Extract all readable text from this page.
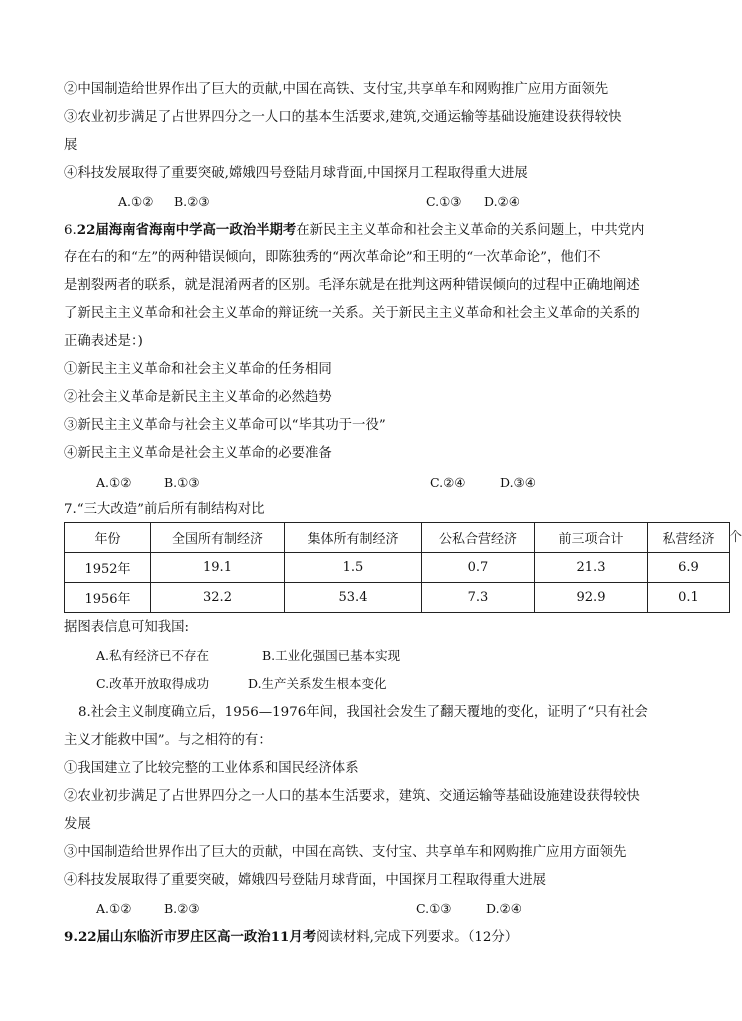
②中国制造给世界作出了巨大的贡献,中国在高铁、支付宝,共享单车和网购推广应用方面领先
③农业初步满足了占世界四分之一人口的基本生活要求,建筑,交通运输等基础设施建设获得较快
展
④科技发展取得了重要突破,嫦娥四号登陆月球背面,中国探月工程取得重大进展
A.①② B.②③	C.①③ D.②④
6.22届海南省海南中学高一政治半期考在新民主主义革命和社会主义革命的关系问题上，中共党内
存在右的和“左”的两种错误倾向，即陈独秀的“两次革命论”和王明的“一次革命论”，他们不
是割裂两者的联系，就是混淆两者的区别。毛泽东就是在批判这两种错误倾向的过程中正确地阐述
了新民主主义革命和社会主义革命的辩证统一关系。关于新民主主义革命和社会主义革命的关系的
正确表述是：)
①新民主主义革命和社会主义革命的任务相同
②社会主义革命是新民主主义革命的必然趋势
③新民主主义革命与社会主义革命可以“毕其功于一役”
④新民主主义革命是社会主义革命的必要准备
A.①②	B.①③	C.②④	D.③④
7.“三大改造”前后所有制结构对比
年份	全国所有制经济	集体所有制经济	公私合营经济	前三项合计	私营经济
1952年	19.1	1.5	0.7	21.3	6.9
1956年	32.2	53.4	7.3	92.9	0.1
个
据图表信息可知我国:
A.私有经济已不存在	B.工业化强国已基本实现
C.改革开放取得成功	D.生产关系发生根本变化
8.社会主义制度确立后，1956—1976年间，我国社会发生了翻天覆地的变化，证明了“只有社会
主义才能救中国”。与之相符的有：
①我国建立了比较完整的工业体系和国民经济体系
②农业初步满足了占世界四分之一人口的基本生活要求，建筑、交通运输等基础设施建设获得较快
发展
③中国制造给世界作出了巨大的贡献，中国在高铁、支付宝、共享单车和网购推广应用方面领先
④科技发展取得了重要突破，嫦娥四号登陆月球背面，中国探月工程取得重大进展
A.①②	B.②③	C.①③	D.②④
9.22届山东临沂市罗庄区高一政治11月考阅读材料,完成下列要求。（12分）
